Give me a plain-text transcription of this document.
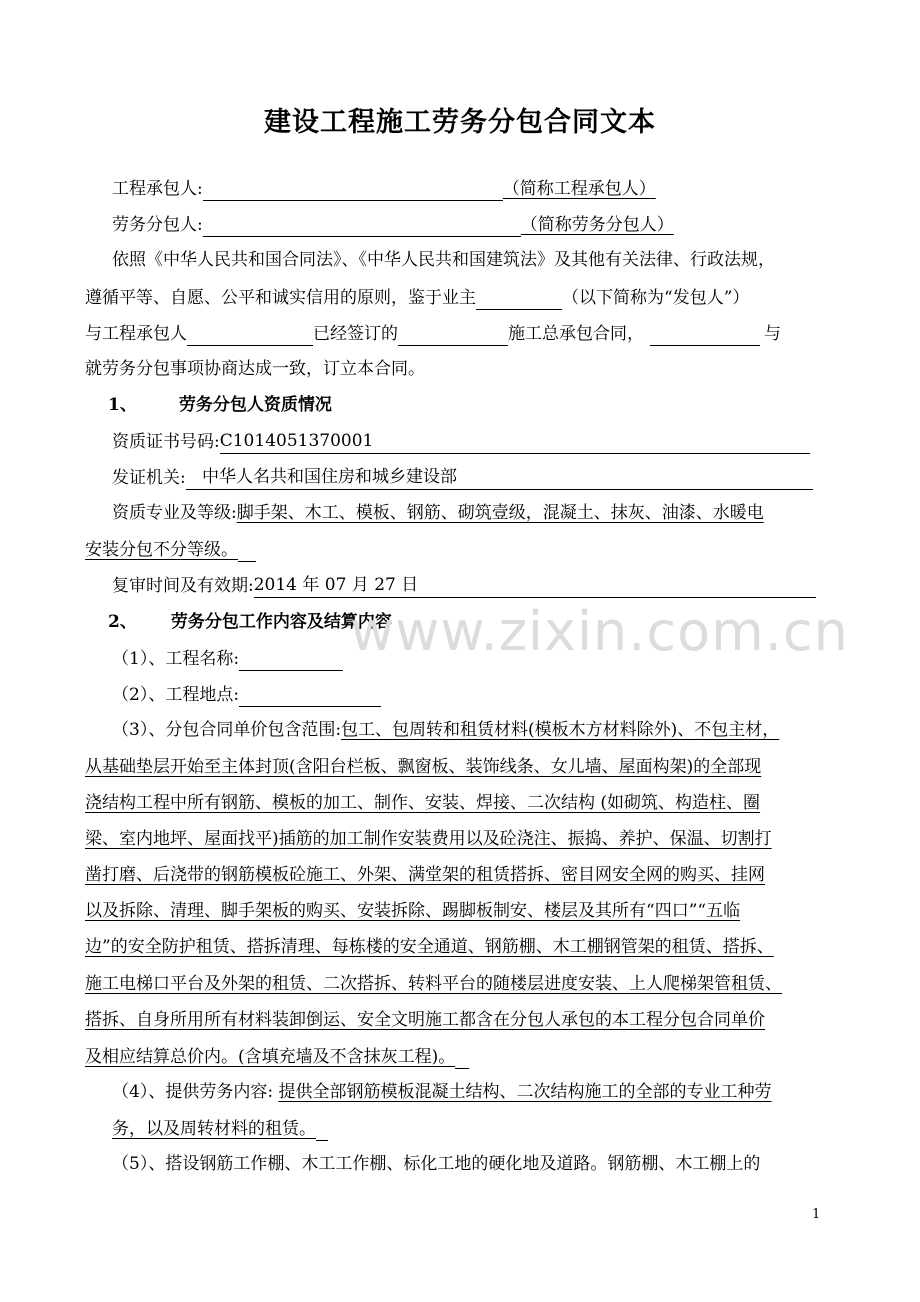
建设工程施工劳务分包合同文本
工程承包人:	（简称工程承包人）
劳务分包人:	（简称劳务分包人）
依照《中华人民共和国合同法》、《中华人民共和国建筑法》及其他有关法律、行政法规，
遵循平等、自愿、公平和诚实信用的原则，鉴于业主	（以下简称为“发包人”）
与工程承包人	已经签订的	施工总承包合同，	与
就劳务分包事项协商达成一致，订立本合同。
1、 劳务分包人资质情况
资质证书号码:C1014051370001
发证机关:   中华人名共和国住房和城乡建设部
资质专业及等级:脚手架、木工、模板、钢筋、砌筑壹级，混凝土、抹灰、油漆、水暖电
安装分包不分等级。
复审时间及有效期:2014 年 07 月 27 日
2、 劳务分包工作内容及结算内容
（1）、工程名称:
（2）、工程地点:
（3）、分包合同单价包含范围:包工、包周转和租赁材料(模板木方材料除外)、不包主材，
从基础垫层开始至主体封顶(含阳台栏板、飘窗板、装饰线条、女儿墙、屋面构架)的全部现
浇结构工程中所有钢筋、模板的加工、制作、安装、焊接、二次结构 (如砌筑、构造柱、圈
梁、室内地坪、屋面找平)插筋的加工制作安装费用以及砼浇注、振捣、养护、保温、切割打
凿打磨、后浇带的钢筋模板砼施工、外架、满堂架的租赁搭拆、密目网安全网的购买、挂网
以及拆除、清理、脚手架板的购买、安装拆除、踢脚板制安、楼层及其所有“四口”“五临
边”的安全防护租赁、搭拆清理、每栋楼的安全通道、钢筋棚、木工棚钢管架的租赁、搭拆、
施工电梯口平台及外架的租赁、二次搭拆、转料平台的随楼层进度安装、上人爬梯架管租赁、
搭拆、自身所用所有材料装卸倒运、安全文明施工都含在分包人承包的本工程分包合同单价
及相应结算总价内。(含填充墙及不含抹灰工程)。
（4）、提供劳务内容: 提供全部钢筋模板混凝土结构、二次结构施工的全部的专业工种劳
务，以及周转材料的租赁。
（5）、搭设钢筋工作棚、木工工作棚、标化工地的硬化地及道路。钢筋棚、木工棚上的
www.zixin.com.cn
1
